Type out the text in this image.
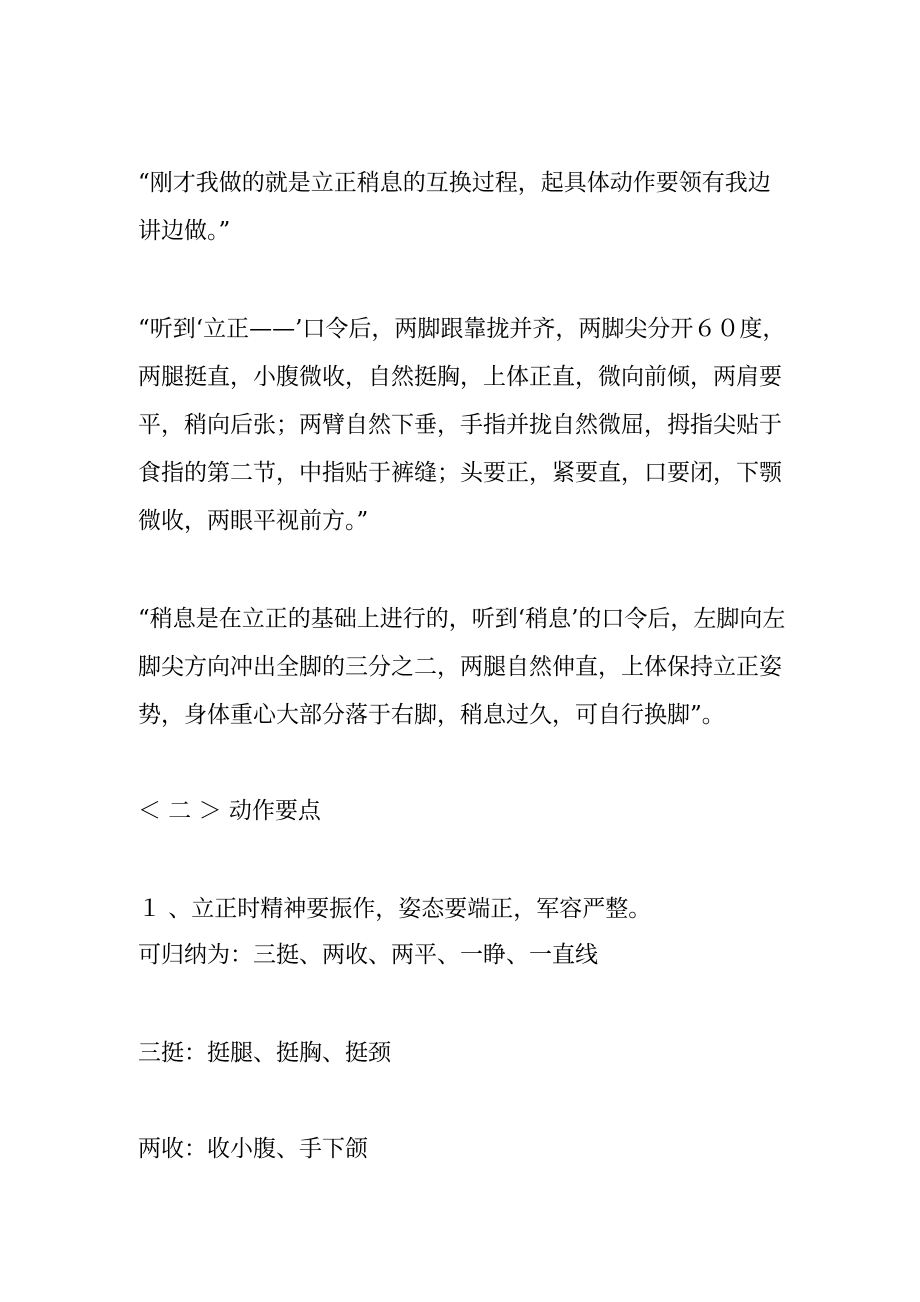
“刚才我做的就是立正稍息的互换过程，起具体动作要领有我边
讲边做。”
“听到‘立正——’口令后，两脚跟靠拢并齐，两脚尖分开６０度，
两腿挺直，小腹微收，自然挺胸，上体正直，微向前倾，两肩要
平，稍向后张；两臂自然下垂，手指并拢自然微屈，拇指尖贴于
食指的第二节，中指贴于裤缝；头要正，紧要直，口要闭，下颚
微收，两眼平视前方。”
“稍息是在立正的基础上进行的，听到‘稍息’的口令后，左脚向左
脚尖方向冲出全脚的三分之二，两腿自然伸直，上体保持立正姿
势，身体重心大部分落于右脚，稍息过久，可自行换脚”。
＜ 二 ＞ 动作要点
１ 、立正时精神要振作，姿态要端正，军容严整。
可归纳为：三挺、两收、两平、一睁、一直线
三挺：挺腿、挺胸、挺颈
两收：收小腹、手下颌
